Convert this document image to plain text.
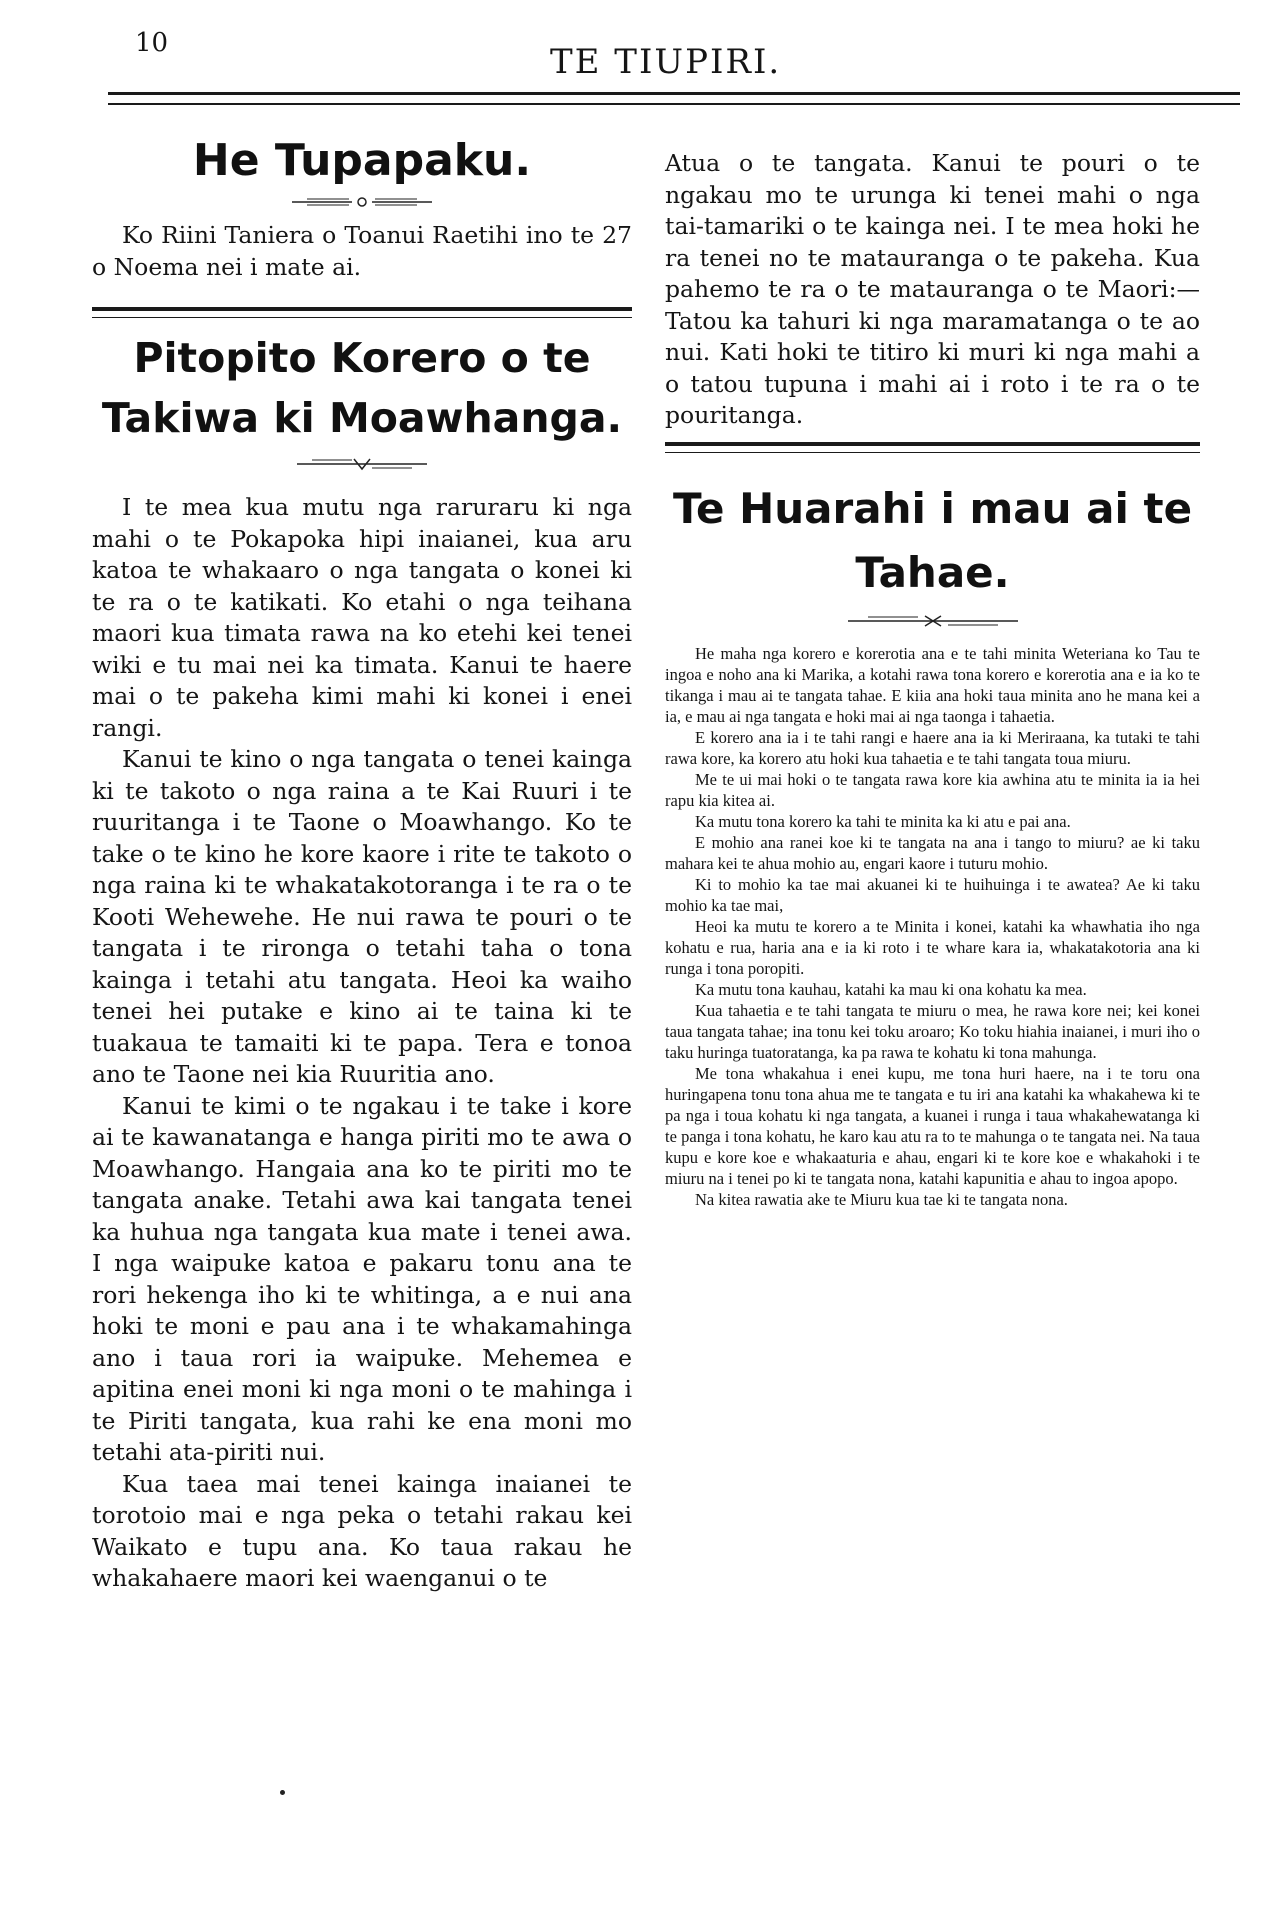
10	TE TIUPIRI.
He Tupapaku.

Ko Riini Taniera o Toanui Raetihi ino te 27 o Noema nei i mate ai.

Pitopito Korero o te Takiwa ki Moawhanga.

I te mea kua mutu nga raruraru ki nga mahi o te Pokapoka hipi inaianei, kua aru katoa te whakaaro o nga tangata o konei ki te ra o te katikati. Ko etahi o nga teihana maori kua timata rawa na ko etehi kei tenei wiki e tu mai nei ka timata. Kanui te haere mai o te pakeha kimi mahi ki konei i enei rangi.

Kanui te kino o nga tangata o tenei kainga ki te takoto o nga raina a te Kai Ruuri i te ruuritanga i te Taone o Moawhango. Ko te take o te kino he kore kaore i rite te takoto o nga raina ki te whakatakotoranga i te ra o te Kooti Wehewehe. He nui rawa te pouri o te tangata i te rironga o tetahi taha o tona kainga i tetahi atu tangata. Heoi ka waiho tenei hei putake e kino ai te taina ki te tuakaua te tamaiti ki te papa. Tera e tonoa ano te Taone nei kia Ruuritia ano.

Kanui te kimi o te ngakau i te take i kore ai te kawanatanga e hanga piriti mo te awa o Moawhango. Hangaia ana ko te piriti mo te tangata anake. Tetahi awa kai tangata tenei ka huhua nga tangata kua mate i tenei awa. I nga waipuke katoa e pakaru tonu ana te rori hekenga iho ki te whitinga, a e nui ana hoki te moni e pau ana i te whakamahinga ano i taua rori ia waipuke. Mehemea e apitina enei moni ki nga moni o te mahinga i te Piriti tangata, kua rahi ke ena moni mo tetahi ata-piriti nui.

Kua taea mai tenei kainga inaianei te torotoio mai e nga peka o tetahi rakau kei Waikato e tupu ana. Ko taua rakau he whakahaere maori kei waenganui o te

Atua o te tangata. Kanui te pouri o te ngakau mo te urunga ki tenei mahi o nga tai-tamariki o te kainga nei. I te mea hoki he ra tenei no te matauranga o te pakeha. Kua pahemo te ra o te matauranga o te Maori:—Tatou ka tahuri ki nga maramatanga o te ao nui. Kati hoki te titiro ki muri ki nga mahi a o tatou tupuna i mahi ai i roto i te ra o te pouritanga.

Te Huarahi i mau ai te Tahae.

He maha nga korero e korerotia ana e te tahi minita Weteriana ko Tau te ingoa e noho ana ki Marika, a kotahi rawa tona korero e korerotia ana e ia ko te tikanga i mau ai te tangata tahae. E kiia ana hoki taua minita ano he mana kei a ia, e mau ai nga tangata e hoki mai ai nga taonga i tahaetia.

E korero ana ia i te tahi rangi e haere ana ia ki Meriraana, ka tutaki te tahi rawa kore, ka korero atu hoki kua tahaetia e te tahi tangata toua miuru.

Me te ui mai hoki o te tangata rawa kore kia awhina atu te minita ia ia hei rapu kia kitea ai.

Ka mutu tona korero ka tahi te minita ka ki atu e pai ana.

E mohio ana ranei koe ki te tangata na ana i tango to miuru? ae ki taku mahara kei te ahua mohio au, engari kaore i tuturu mohio.

Ki to mohio ka tae mai akuanei ki te huihuinga i te awatea? Ae ki taku mohio ka tae mai,

Heoi ka mutu te korero a te Minita i konei, katahi ka whawhatia iho nga kohatu e rua, haria ana e ia ki roto i te whare kara ia, whakatakotoria ana ki runga i tona poropiti.

Ka mutu tona kauhau, katahi ka mau ki ona kohatu ka mea.

Kua tahaetia e te tahi tangata te miuru o mea, he rawa kore nei; kei konei taua tangata tahae; ina tonu kei toku aroaro; Ko toku hiahia inaianei, i muri iho o taku huringa tuatoratanga, ka pa rawa te kohatu ki tona mahunga.

Me tona whakahua i enei kupu, me tona huri haere, na i te toru ona huringapena tonu tona ahua me te tangata e tu iri ana katahi ka whakahewa ki te pa nga i toua kohatu ki nga tangata, a kuanei i runga i taua whakahewatanga ki te panga i tona kohatu, he karo kau atu ra to te mahunga o te tangata nei. Na taua kupu e kore koe e whakaaturia e ahau, engari ki te kore koe e whakahoki i te miuru na i tenei po ki te tangata nona, katahi kapunitia e ahau to ingoa apopo.

Na kitea rawatia ake te Miuru kua tae ki te tangata nona.
